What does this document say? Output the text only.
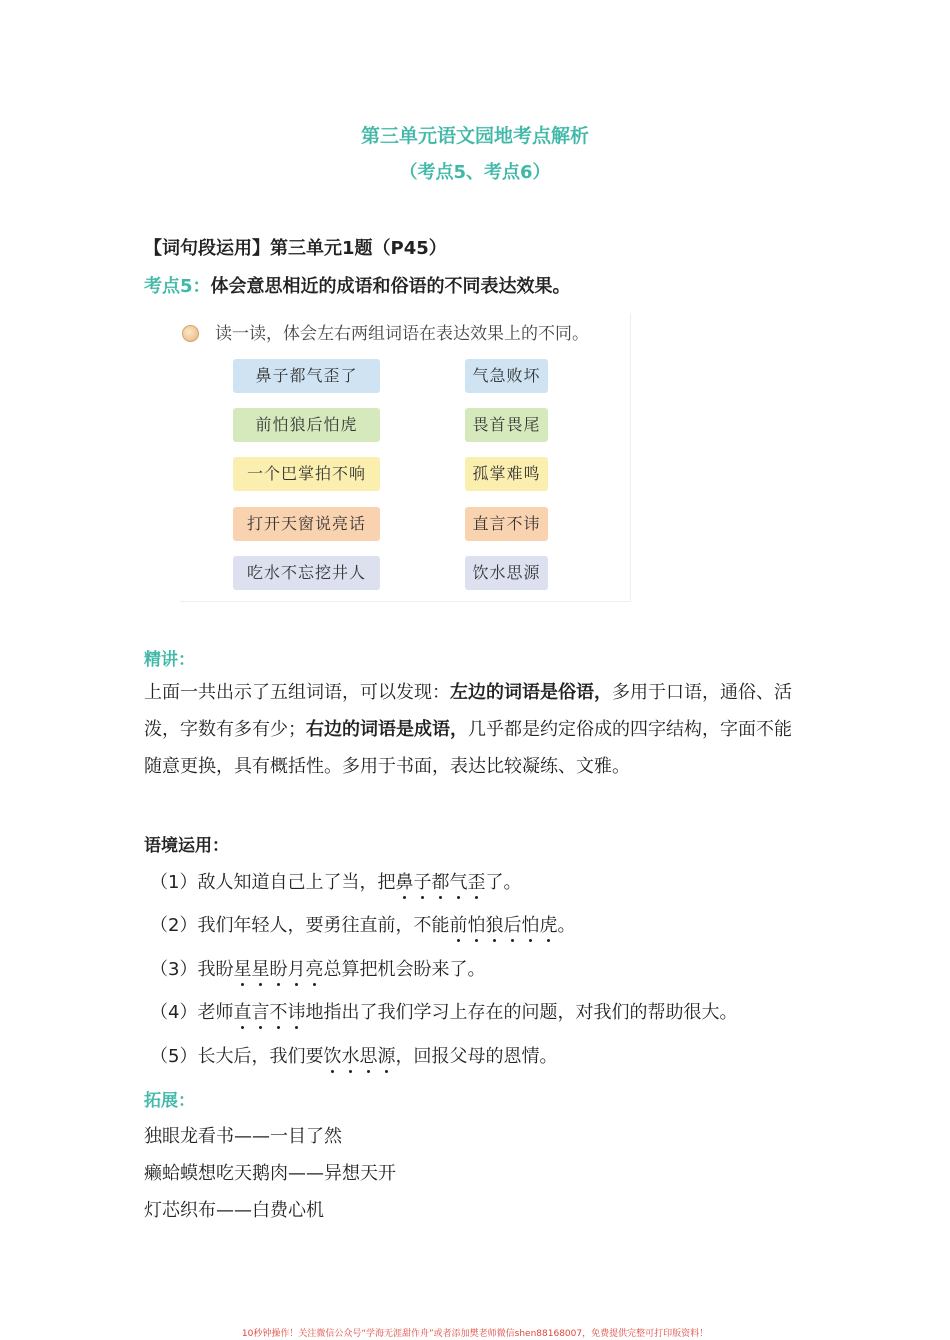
第三单元语文园地考点解析
（考点5、考点6）
【词句段运用】第三单元1题（P45）
考点5：体会意思相近的成语和俗语的不同表达效果。
读一读，体会左右两组词语在表达效果上的不同。
鼻子都气歪了	气急败坏
前怕狼后怕虎	畏首畏尾
一个巴掌拍不响	孤掌难鸣
打开天窗说亮话	直言不讳
吃水不忘挖井人	饮水思源
精讲：
上面一共出示了五组词语，可以发现：左边的词语是俗语，多用于口语，通俗、活泼，字数有多有少；右边的词语是成语，几乎都是约定俗成的四字结构，字面不能随意更换，具有概括性。多用于书面，表达比较凝练、文雅。
语境运用：
（1）敌人知道自己上了当，把鼻子都气歪了。
（2）我们年轻人，要勇往直前，不能前怕狼后怕虎。
（3）我盼星星盼月亮总算把机会盼来了。
（4）老师直言不讳地指出了我们学习上存在的问题，对我们的帮助很大。
（5）长大后，我们要饮水思源，回报父母的恩情。
拓展：
独眼龙看书——一目了然
癞蛤蟆想吃天鹅肉——异想天开
灯芯织布——白费心机
10秒钟操作！关注微信公众号“学海无涯甜作舟”或者添加樊老师微信shen88168007，免费提供完整可打印版资料！
